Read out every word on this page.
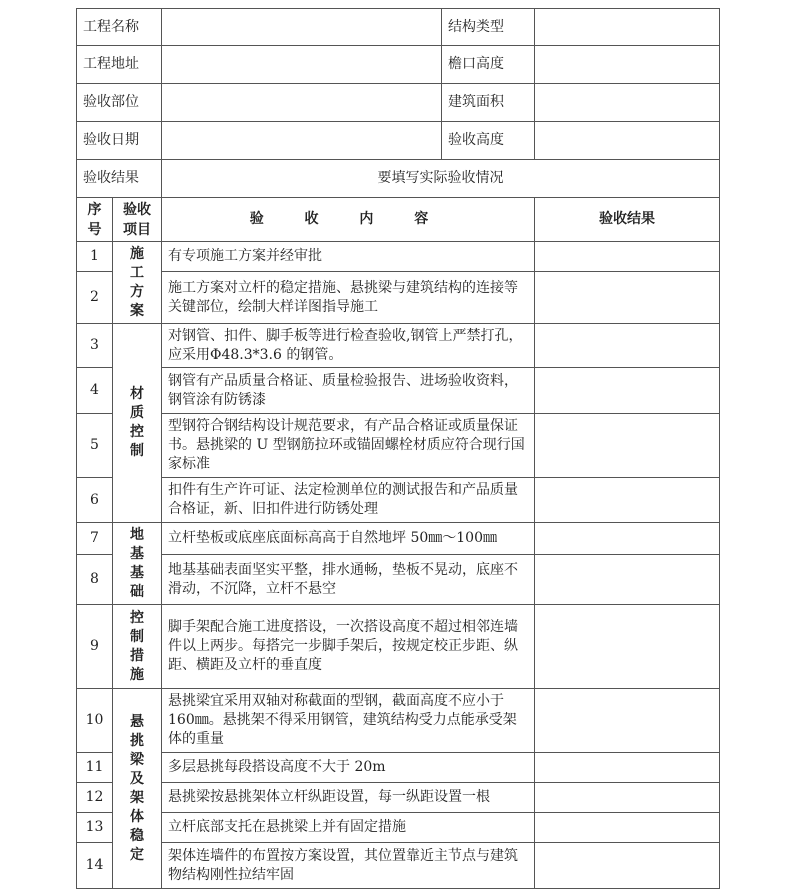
工程名称			结构类型	
工程地址			檐口高度	
验收部位			建筑面积	
验收日期			验收高度	
验收结果		要填写实际验收情况		
序号	验收项目	验 收 内 容		验收结果
1	施工方案	有专项施工方案并经审批		
2		施工方案对立杆的稳定措施、悬挑梁与建筑结构的连接等关键部位，绘制大样详图指导施工		
3	材质控制	对钢管、扣件、脚手板等进行检查验收,钢管上严禁打孔，应采用Φ48.3*3.6 的钢管。		
4		钢管有产品质量合格证、质量检验报告、进场验收资料，钢管涂有防锈漆		
5		型钢符合钢结构设计规范要求，有产品合格证或质量保证书。悬挑梁的 U 型钢筋拉环或锚固螺栓材质应符合现行国家标准		
6		扣件有生产许可证、法定检测单位的测试报告和产品质量合格证，新、旧扣件进行防锈处理		
7	地基基础	立杆垫板或底座底面标高高于自然地坪 50㎜～100㎜		
8		地基基础表面坚实平整，排水通畅，垫板不晃动，底座不滑动，不沉降，立杆不悬空		
9	控制措施	脚手架配合施工进度搭设，一次搭设高度不超过相邻连墙件以上两步。每搭完一步脚手架后，按规定校正步距、纵距、横距及立杆的垂直度		
10	悬挑梁及架体稳定	悬挑梁宜采用双轴对称截面的型钢，截面高度不应小于160㎜。悬挑架不得采用钢管，建筑结构受力点能承受架体的重量		
11		多层悬挑每段搭设高度不大于 20m		
12		悬挑梁按悬挑架体立杆纵距设置，每一纵距设置一根		
13		立杆底部支托在悬挑梁上并有固定措施		
14		架体连墙件的布置按方案设置，其位置靠近主节点与建筑物结构刚性拉结牢固		
